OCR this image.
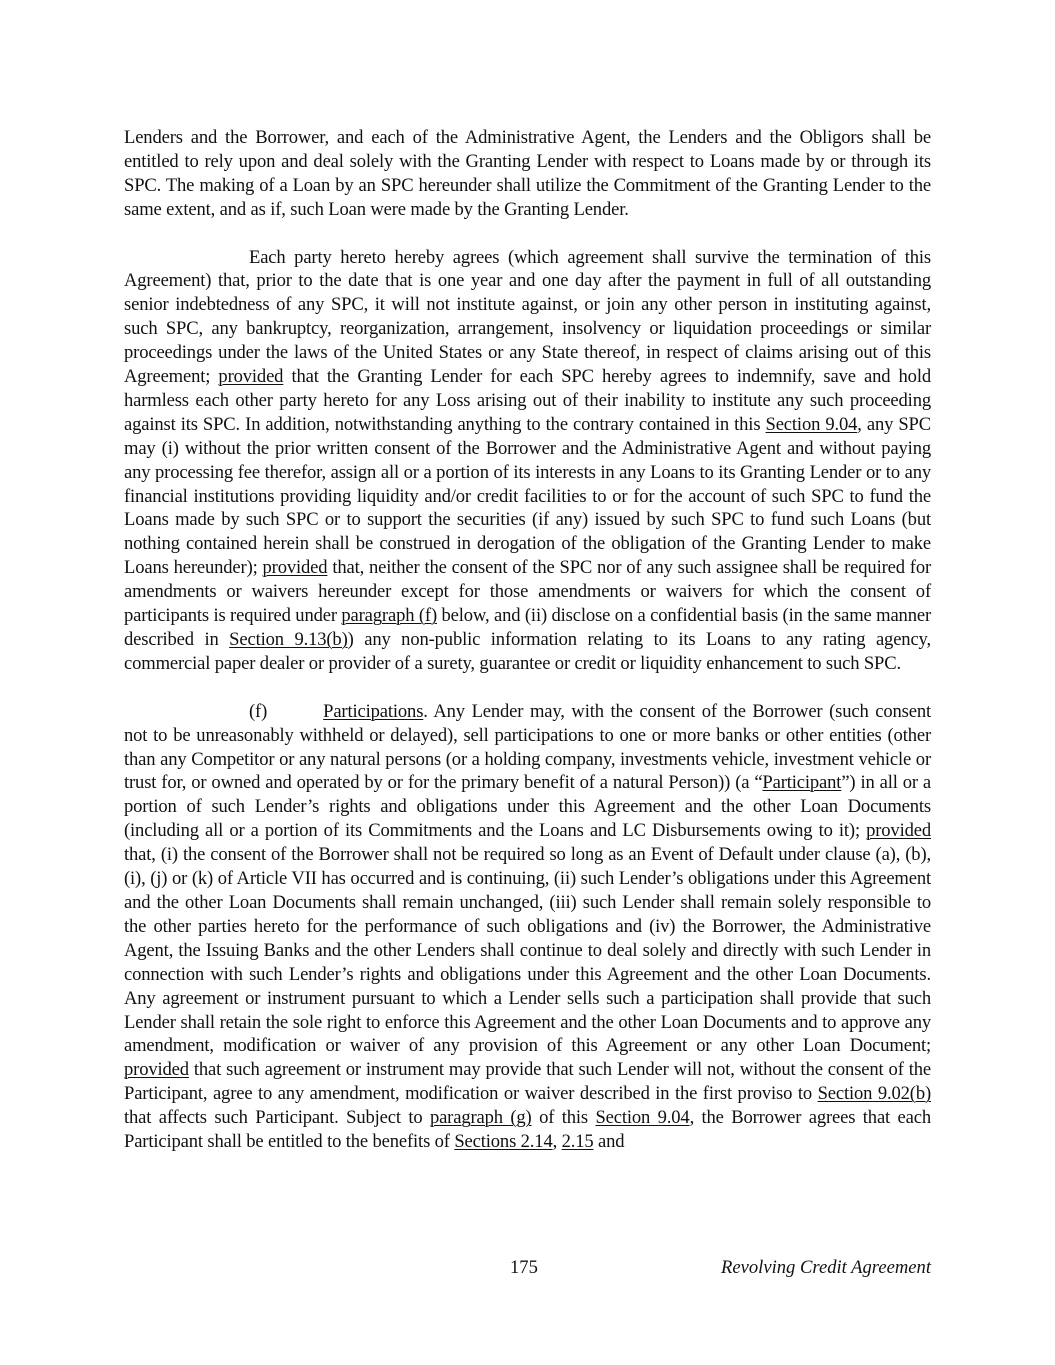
Lenders and the Borrower, and each of the Administrative Agent, the Lenders and the Obligors shall be entitled to rely upon and deal solely with the Granting Lender with respect to Loans made by or through its SPC. The making of a Loan by an SPC hereunder shall utilize the Commitment of the Granting Lender to the same extent, and as if, such Loan were made by the Granting Lender.

Each party hereto hereby agrees (which agreement shall survive the termination of this Agreement) that, prior to the date that is one year and one day after the payment in full of all outstanding senior indebtedness of any SPC, it will not institute against, or join any other person in instituting against, such SPC, any bankruptcy, reorganization, arrangement, insolvency or liquidation proceedings or similar proceedings under the laws of the United States or any State thereof, in respect of claims arising out of this Agreement; provided that the Granting Lender for each SPC hereby agrees to indemnify, save and hold harmless each other party hereto for any Loss arising out of their inability to institute any such proceeding against its SPC. In addition, notwithstanding anything to the contrary contained in this Section 9.04, any SPC may (i) without the prior written consent of the Borrower and the Administrative Agent and without paying any processing fee therefor, assign all or a portion of its interests in any Loans to its Granting Lender or to any financial institutions providing liquidity and/or credit facilities to or for the account of such SPC to fund the Loans made by such SPC or to support the securities (if any) issued by such SPC to fund such Loans (but nothing contained herein shall be construed in derogation of the obligation of the Granting Lender to make Loans hereunder); provided that, neither the consent of the SPC nor of any such assignee shall be required for amendments or waivers hereunder except for those amendments or waivers for which the consent of participants is required under paragraph (f) below, and (ii) disclose on a confidential basis (in the same manner described in Section 9.13(b)) any non-public information relating to its Loans to any rating agency, commercial paper dealer or provider of a surety, guarantee or credit or liquidity enhancement to such SPC.

(f)	Participations. Any Lender may, with the consent of the Borrower (such consent not to be unreasonably withheld or delayed), sell participations to one or more banks or other entities (other than any Competitor or any natural persons (or a holding company, investments vehicle, investment vehicle or trust for, or owned and operated by or for the primary benefit of a natural Person)) (a “Participant”) in all or a portion of such Lender’s rights and obligations under this Agreement and the other Loan Documents (including all or a portion of its Commitments and the Loans and LC Disbursements owing to it); provided that, (i) the consent of the Borrower shall not be required so long as an Event of Default under clause (a), (b), (i), (j) or (k) of Article VII has occurred and is continuing, (ii) such Lender’s obligations under this Agreement and the other Loan Documents shall remain unchanged, (iii) such Lender shall remain solely responsible to the other parties hereto for the performance of such obligations and (iv) the Borrower, the Administrative Agent, the Issuing Banks and the other Lenders shall continue to deal solely and directly with such Lender in connection with such Lender’s rights and obligations under this Agreement and the other Loan Documents. Any agreement or instrument pursuant to which a Lender sells such a participation shall provide that such Lender shall retain the sole right to enforce this Agreement and the other Loan Documents and to approve any amendment, modification or waiver of any provision of this Agreement or any other Loan Document; provided that such agreement or instrument may provide that such Lender will not, without the consent of the Participant, agree to any amendment, modification or waiver described in the first proviso to Section 9.02(b) that affects such Participant. Subject to paragraph (g) of this Section 9.04, the Borrower agrees that each Participant shall be entitled to the benefits of Sections 2.14, 2.15 and

175	Revolving Credit Agreement
